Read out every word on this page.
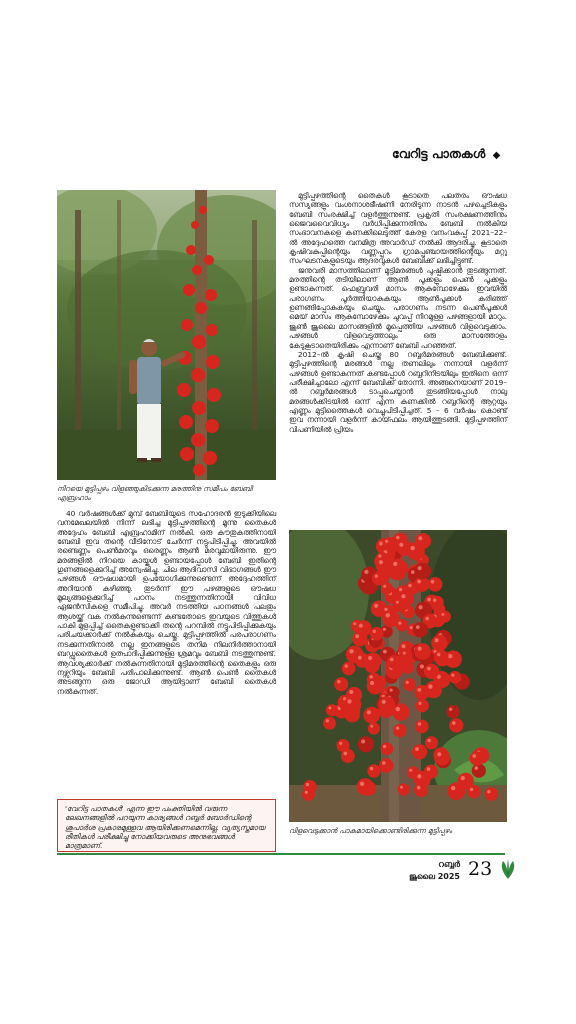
വേറിട്ട പാതകൾ ◆
നിറയെ മുട്ടിപ്പഴം വിളഞ്ഞുകിടക്കുന്ന മരത്തിനു സമീപം ബേബി എബ്രഹാം

40 വർഷങ്ങൾക്ക് മുമ്പ് ബേബിയുടെ സഹോദരൻ ഇടുക്കിയിലെ വനമേഖലയിൽ നിന്ന് ലഭിച്ച മുട്ടിപ്പഴത്തിന്റെ മൂന്നു തൈകൾ അദ്ദേഹം ബേബി എബ്രഹാമിന് നൽകി. ഒരു കൗതുകത്തിനായി ബേബി ഇവ തന്റെ വീടിനോട് ചേർന്ന് നട്ടുപിടിപ്പിച്ചു. അവയിൽ രണ്ടെണ്ണം പെൺമരവും ഒരെണ്ണം ആൺ മരവുമായിരുന്നു. ഈ മരങ്ങളിൽ നിറയെ കായ്കൾ ഉണ്ടായപ്പോൾ ബേബി ഇതിന്റെ ഗുണങ്ങളെക്കുറിച്ച് അന്വേഷിച്ചു. ചില ആദിവാസി വിഭാഗങ്ങൾ ഈ പഴങ്ങൾ ഔഷധമായി ഉപയോഗിക്കുന്നുണ്ടെന്ന് അദ്ദേഹത്തിന് അറിയാൻ കഴിഞ്ഞു. തുടർന്ന് ഈ പഴങ്ങളുടെ ഔഷധ മൂല്യങ്ങളെക്കുറിച്ച് പഠനം നടത്തുന്നതിനായി വിവിധ ഏജൻസികളെ സമീപിച്ചു. അവർ നടത്തിയ പഠനങ്ങൾ പലതും ആശയ്ക്ക് വക നൽകുന്നുണ്ടെന്ന് കണ്ടതോടെ ഇവയുടെ വിത്തുകൾ പാകി മുളപ്പിച്ച് തൈകളുണ്ടാക്കി തന്റെ പറമ്പിൽ നട്ടുപിടിപ്പിക്കുകയും പരിചയക്കാർക്ക് നൽകുകയും ചെയ്തു. മുട്ടിപ്പഴത്തിൽ പരപരാഗണം നടക്കുന്നതിനാൽ നല്ല ഇനങ്ങളുടെ തനിമ നിലനിർത്താനായി ബഡ്ഡുതൈകൾ ഉത്പാദിപ്പിക്കുന്നുള്ള ശ്രമവും ബേബി നടത്തുന്നുണ്ട്. ആവശ്യക്കാർക്ക് നൽകുന്നതിനായി മുട്ടിമരത്തിന്റെ തൈകളും ഒരു നഴ്സറിയും ബേബി പരിപാലിക്കുന്നുണ്ട്. ആൺ പെൺ തൈകൾ അടങ്ങുന്ന ഒരു ജോഡി ആയിട്ടാണ് ബേബി തൈകൾ നൽകുന്നത്.

'വേറിട്ട പാതകൾ' എന്ന ഈ പംക്തിയിൽ വരുന്ന ലേഖനങ്ങളിൽ പറയുന്ന കാര്യങ്ങൾ റബ്ബർ ബോർഡിന്റെ ശുപാർശ പ്രകാരമുള്ളവ ആയിരിക്കണമെന്നില്ല. വ്യത്യസ്തമായ രീതികൾ പരീക്ഷിച്ചു നോക്കിയവരുടെ അനുഭവങ്ങൾ മാത്രമാണ്.

മുട്ടിപ്പഴത്തിന്റെ തൈകൾ കൂടാതെ പലതരം ഔഷധ സസ്യങ്ങളും വംശനാശഭീഷണി നേരിടുന്ന നാടൻ പഴച്ചെടികളും ബേബി സംരക്ഷിച്ച് വളർത്തുന്നുണ്ട്. പ്രകൃതി സംരക്ഷണത്തിനും ജൈവവൈവിധ്യം വർധിപ്പിക്കുന്നതിനും ബേബി നൽകിയ സംഭാവനകളെ കണക്കിലെടുത്ത് കേരള വനംവകുപ്പ് 2021–22–ൽ അദ്ദേഹത്തെ വനമിത്ര അവാർഡ് നൽകി ആദരിച്ചു. കൂടാതെ കൃഷിവകുപ്പിന്റെയും വണ്ണപ്പുറം ഗ്രാമപ്പഞ്ചായത്തിന്റെയും മറ്റു സംഘടനകളുടെയും ആദരവുകൾ ബേബിക്ക് ലഭിച്ചിട്ടുണ്ട്.

ജനുവരി മാസത്തിലാണ് മുട്ടിമരങ്ങൾ പുഷ്പിക്കാൻ തുടങ്ങുന്നത്. മരത്തിന്റെ തടിയിലാണ് ആൺ പൂക്കളും പെൺ പൂക്കളും ഉണ്ടാകുന്നത്. ഫെബ്രുവരി മാസം ആകുമ്പോഴേക്കും ഇവയിൽ പരാഗണം പൂർത്തിയാകുകയും ആൺപൂക്കൾ കരിഞ്ഞ് ഉണങ്ങിപ്പോകുകയും ചെയ്യും. പരാഗണം നടന്ന പെൺപൂക്കൾ മെയ് മാസം ആകുമ്പോഴേക്കും ചുവപ്പ് നിറമുള്ള പഴങ്ങളായി മാറും. ജൂൺ ജൂലൈ മാസങ്ങളിൽ മൂപ്പെത്തിയ പഴങ്ങൾ വിളവെടുക്കാം. പഴങ്ങൾ വിളവെടുത്താലും ഒരു മാസത്തോളം കേടുകൂടാതെയിരിക്കും എന്നാണ് ബേബി പറഞ്ഞത്.

2012–ൽ കൃഷി ചെയ്ത 80 റബ്ബർമരങ്ങൾ ബേബിക്കുണ്ട്. മുട്ടിപ്പഴത്തിന്റെ മരങ്ങൾ നല്ല തണലിലും നന്നായി വളർന്ന് പഴങ്ങൾ ഉണ്ടാകുന്നത് കണ്ടപ്പോൾ റബ്ബറിനിടയിലും ഇതിനെ ഒന്ന് പരീക്ഷിച്ചാലോ എന്ന് ബേബിക്ക് തോന്നി. അങ്ങനെയാണ് 2019–ൽ റബ്ബർമരങ്ങൾ ടാപ്പുചെയ്യാൻ തുടങ്ങിയപ്പോൾ നാലു മരങ്ങൾക്കിടയിൽ ഒന്ന് എന്ന കണക്കിൽ റബ്ബറിന്റെ ആറ്റയും എണ്ണം മുട്ടിത്തൈകൾ വെച്ചുപിടിപ്പിച്ചത്. 5 – 6 വർഷം കൊണ്ട് ഇവ നന്നായി വളർന്ന് കായ്ഫലം ആയിത്തുടങ്ങി. മുട്ടിപ്പഴത്തിന് വിപണിയിൽ പ്രിയം

വിളവെടുക്കാൻ പാകമായിക്കൊണ്ടിരിക്കുന്ന മുട്ടിപ്പഴം
റബ്ബർ
ജൂലൈ 2025 23
